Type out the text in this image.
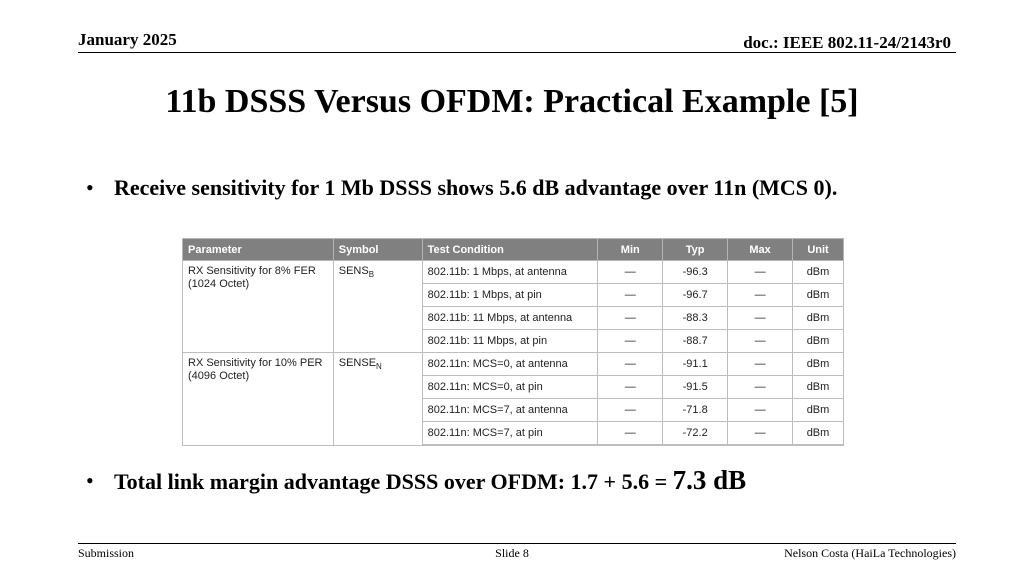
January 2025	doc.: IEEE 802.11-24/2143r0
11b DSSS Versus OFDM: Practical Example [5]
• Receive sensitivity for 1 Mb DSSS shows 5.6 dB advantage over 11n (MCS 0).
Parameter	Symbol	Test Condition	Min	Typ	Max	Unit
RX Sensitivity for 8% FER (1024 Octet)	$SENS_B$	802.11b: 1 Mbps, at antenna	—	-96.3	—	dBm
		802.11b: 1 Mbps, at pin	—	-96.7	—	dBm
		802.11b: 11 Mbps, at antenna	—	-88.3	—	dBm
		802.11b: 11 Mbps, at pin	—	-88.7	—	dBm
RX Sensitivity for 10% PER (4096 Octet)	$SENSE_N$	802.11n: MCS=0, at antenna	—	-91.1	—	dBm
		802.11n: MCS=0, at pin	—	-91.5	—	dBm
		802.11n: MCS=7, at antenna	—	-71.8	—	dBm
		802.11n: MCS=7, at pin	—	-72.2	—	dBm
• Total link margin advantage DSSS over OFDM: 1.7 + 5.6 = 7.3 dB
Submission	Slide 8	Nelson Costa (HaiLa Technologies)
